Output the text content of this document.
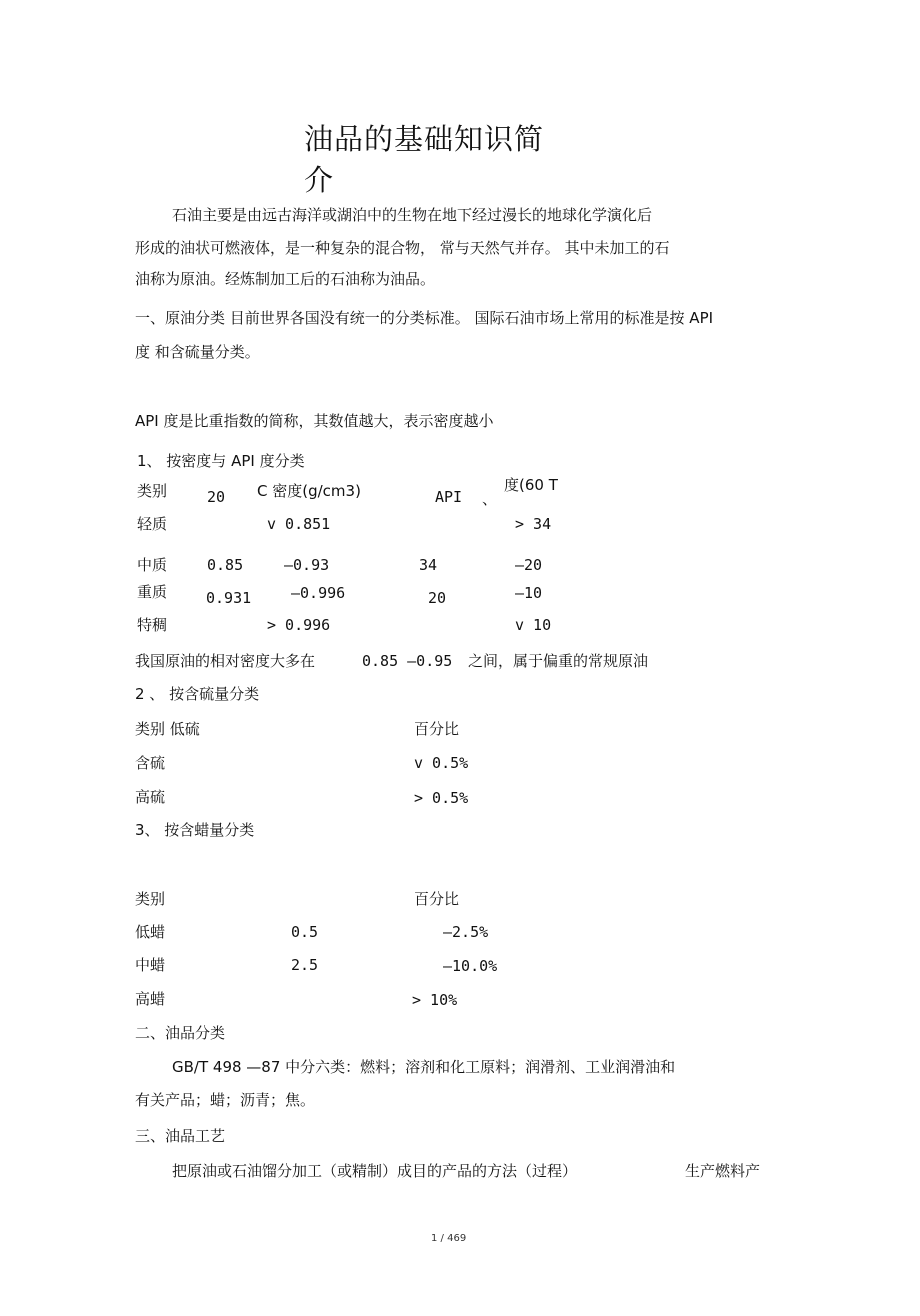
油品的基础知识简
介
石油主要是由远古海洋或湖泊中的生物在地下经过漫长的地球化学演化后
形成的油状可燃液体，是一种复杂的混合物， 常与天然气并存。 其中未加工的石
油称为原油。经炼制加工后的石油称为油品。
一、原油分类 目前世界各国没有统一的分类标准。 国际石油市场上常用的标准是按 API
度 和含硫量分类。
API 度是比重指数的简称，其数值越大，表示密度越小
1、 按密度与 API 度分类
类别	20 C 密度(g/cm3)	API 、
度(60 T
轻质	v 0.851	> 34
中质	0.85	—0.93	34	—20
重质	0.931	—0.996	20	—10
特稠	> 0.996	v 10
我国原油的相对密度大多在	0.85 —0.95 之间，属于偏重的常规原油
2 、 按含硫量分类
类别 低硫	百分比
含硫	v 0.5%
高硫	> 0.5%
3、 按含蜡量分类
类别	百分比
低蜡	0.5	—2.5%
中蜡	2.5	—10.0%
高蜡	> 10%
二、油品分类
GB/T 498 —87 中分六类：燃料；溶剂和化工原料；润滑剂、工业润滑油和
有关产品；蜡；沥青；焦。
三、油品工艺
把原油或石油馏分加工（或精制）成目的产品的方法（过程）	生产燃料产
1 / 469
